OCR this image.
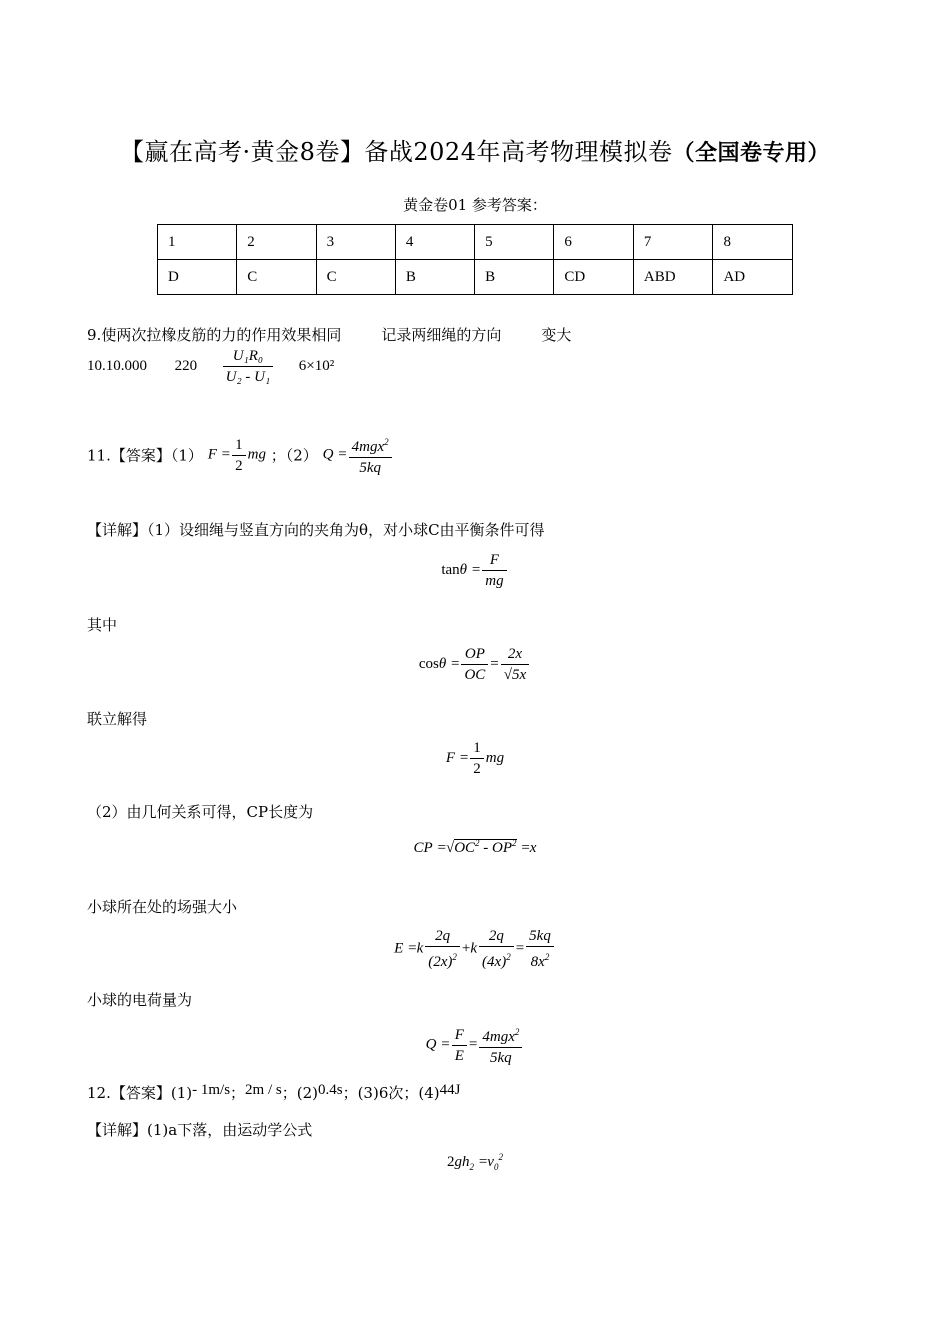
【赢在高考·黄金8卷】备战2024年高考物理模拟卷（全国卷专用）
黄金卷01 参考答案：
1	2	3	4	5	6	7	8
D	C	C	B	B	CD	ABD	AD
9.使两次拉橡皮筋的力的作用效果相同	记录两细绳的方向	变大
10.10.000 $220 \frac{\text{U₁R₀}}{\text{U₂ - U₁}} 6\times 10^2$
11.【答案】（1） $F = \frac{1}{2}$ mg ；（2） $Q = \frac{4mgx^2}{5kq}$
【详解】（1）设细绳与竖直方向的夹角为θ，对小球C由平衡条件可得
$\tan\theta = \frac{F}{mg}$
其中
$\cos\theta = \frac{OP}{OC} = \frac{2x}{√5x}$
联立解得
$F = \frac{1}{2}$ mg
（2）由几何关系可得，CP长度为
CP $=√OC^2 - OP^2 =x$
小球所在处的场强大小
$E =k \frac{2q}{(2x)^2} +k \frac{2q}{(4x)^2} = \frac{5kq}{8x^2}$
小球的电荷量为
$Q = \frac{F}{E} = \frac{4mgx^2}{5kq}$
12.【答案】(1)- 1m/s；2m / s；(2)0.4s；(3)6次；(4)44J
【详解】(1)a下落，由运动学公式
$2gh_2 =v_0^2$
